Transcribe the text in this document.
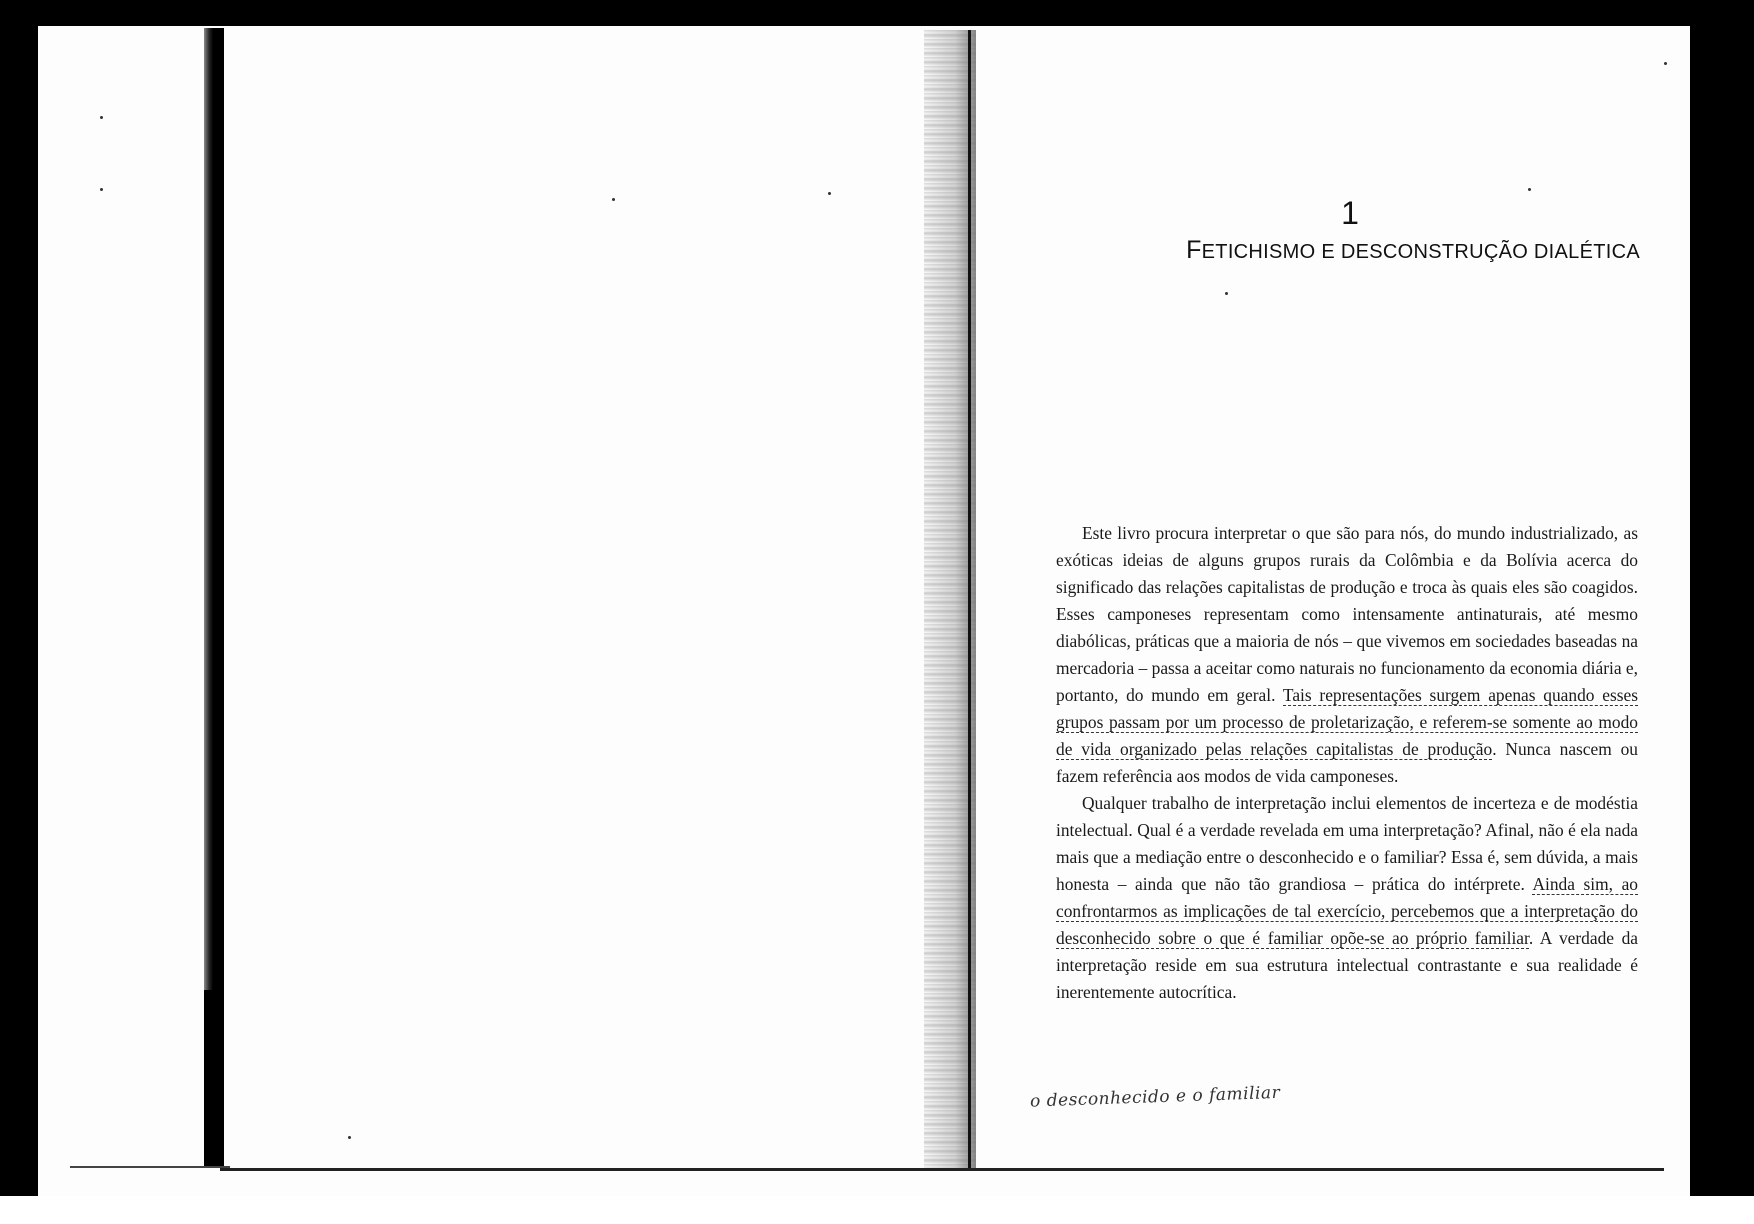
1
FETICHISMO E DESCONSTRUÇÃO DIALÉTICA

Este livro procura interpretar o que são para nós, do mundo industrializado, as exóticas ideias de alguns grupos rurais da Colômbia e da Bolívia acerca do significado das relações capitalistas de produção e troca às quais eles são coagidos. Esses camponeses representam como intensamente antinaturais, até mesmo diabólicas, práticas que a maioria de nós – que vivemos em sociedades baseadas na mercadoria – passa a aceitar como naturais no funcionamento da economia diária e, portanto, do mundo em geral. Tais representações surgem apenas quando esses grupos passam por um processo de proletarização, e referem-se somente ao modo de vida organizado pelas relações capitalistas de produção. Nunca nascem ou fazem referência aos modos de vida camponeses.

Qualquer trabalho de interpretação inclui elementos de incerteza e de modéstia intelectual. Qual é a verdade revelada em uma interpretação? Afinal, não é ela nada mais que a mediação entre o desconhecido e o familiar? Essa é, sem dúvida, a mais honesta – ainda que não tão grandiosa – prática do intérprete. Ainda sim, ao confrontarmos as implicações de tal exercício, percebemos que a interpretação do desconhecido sobre o que é familiar opõe-se ao próprio familiar. A verdade da interpretação reside em sua estrutura intelectual contrastante e sua realidade é inerentemente autocrítica.

o desconhecido e o familiar
